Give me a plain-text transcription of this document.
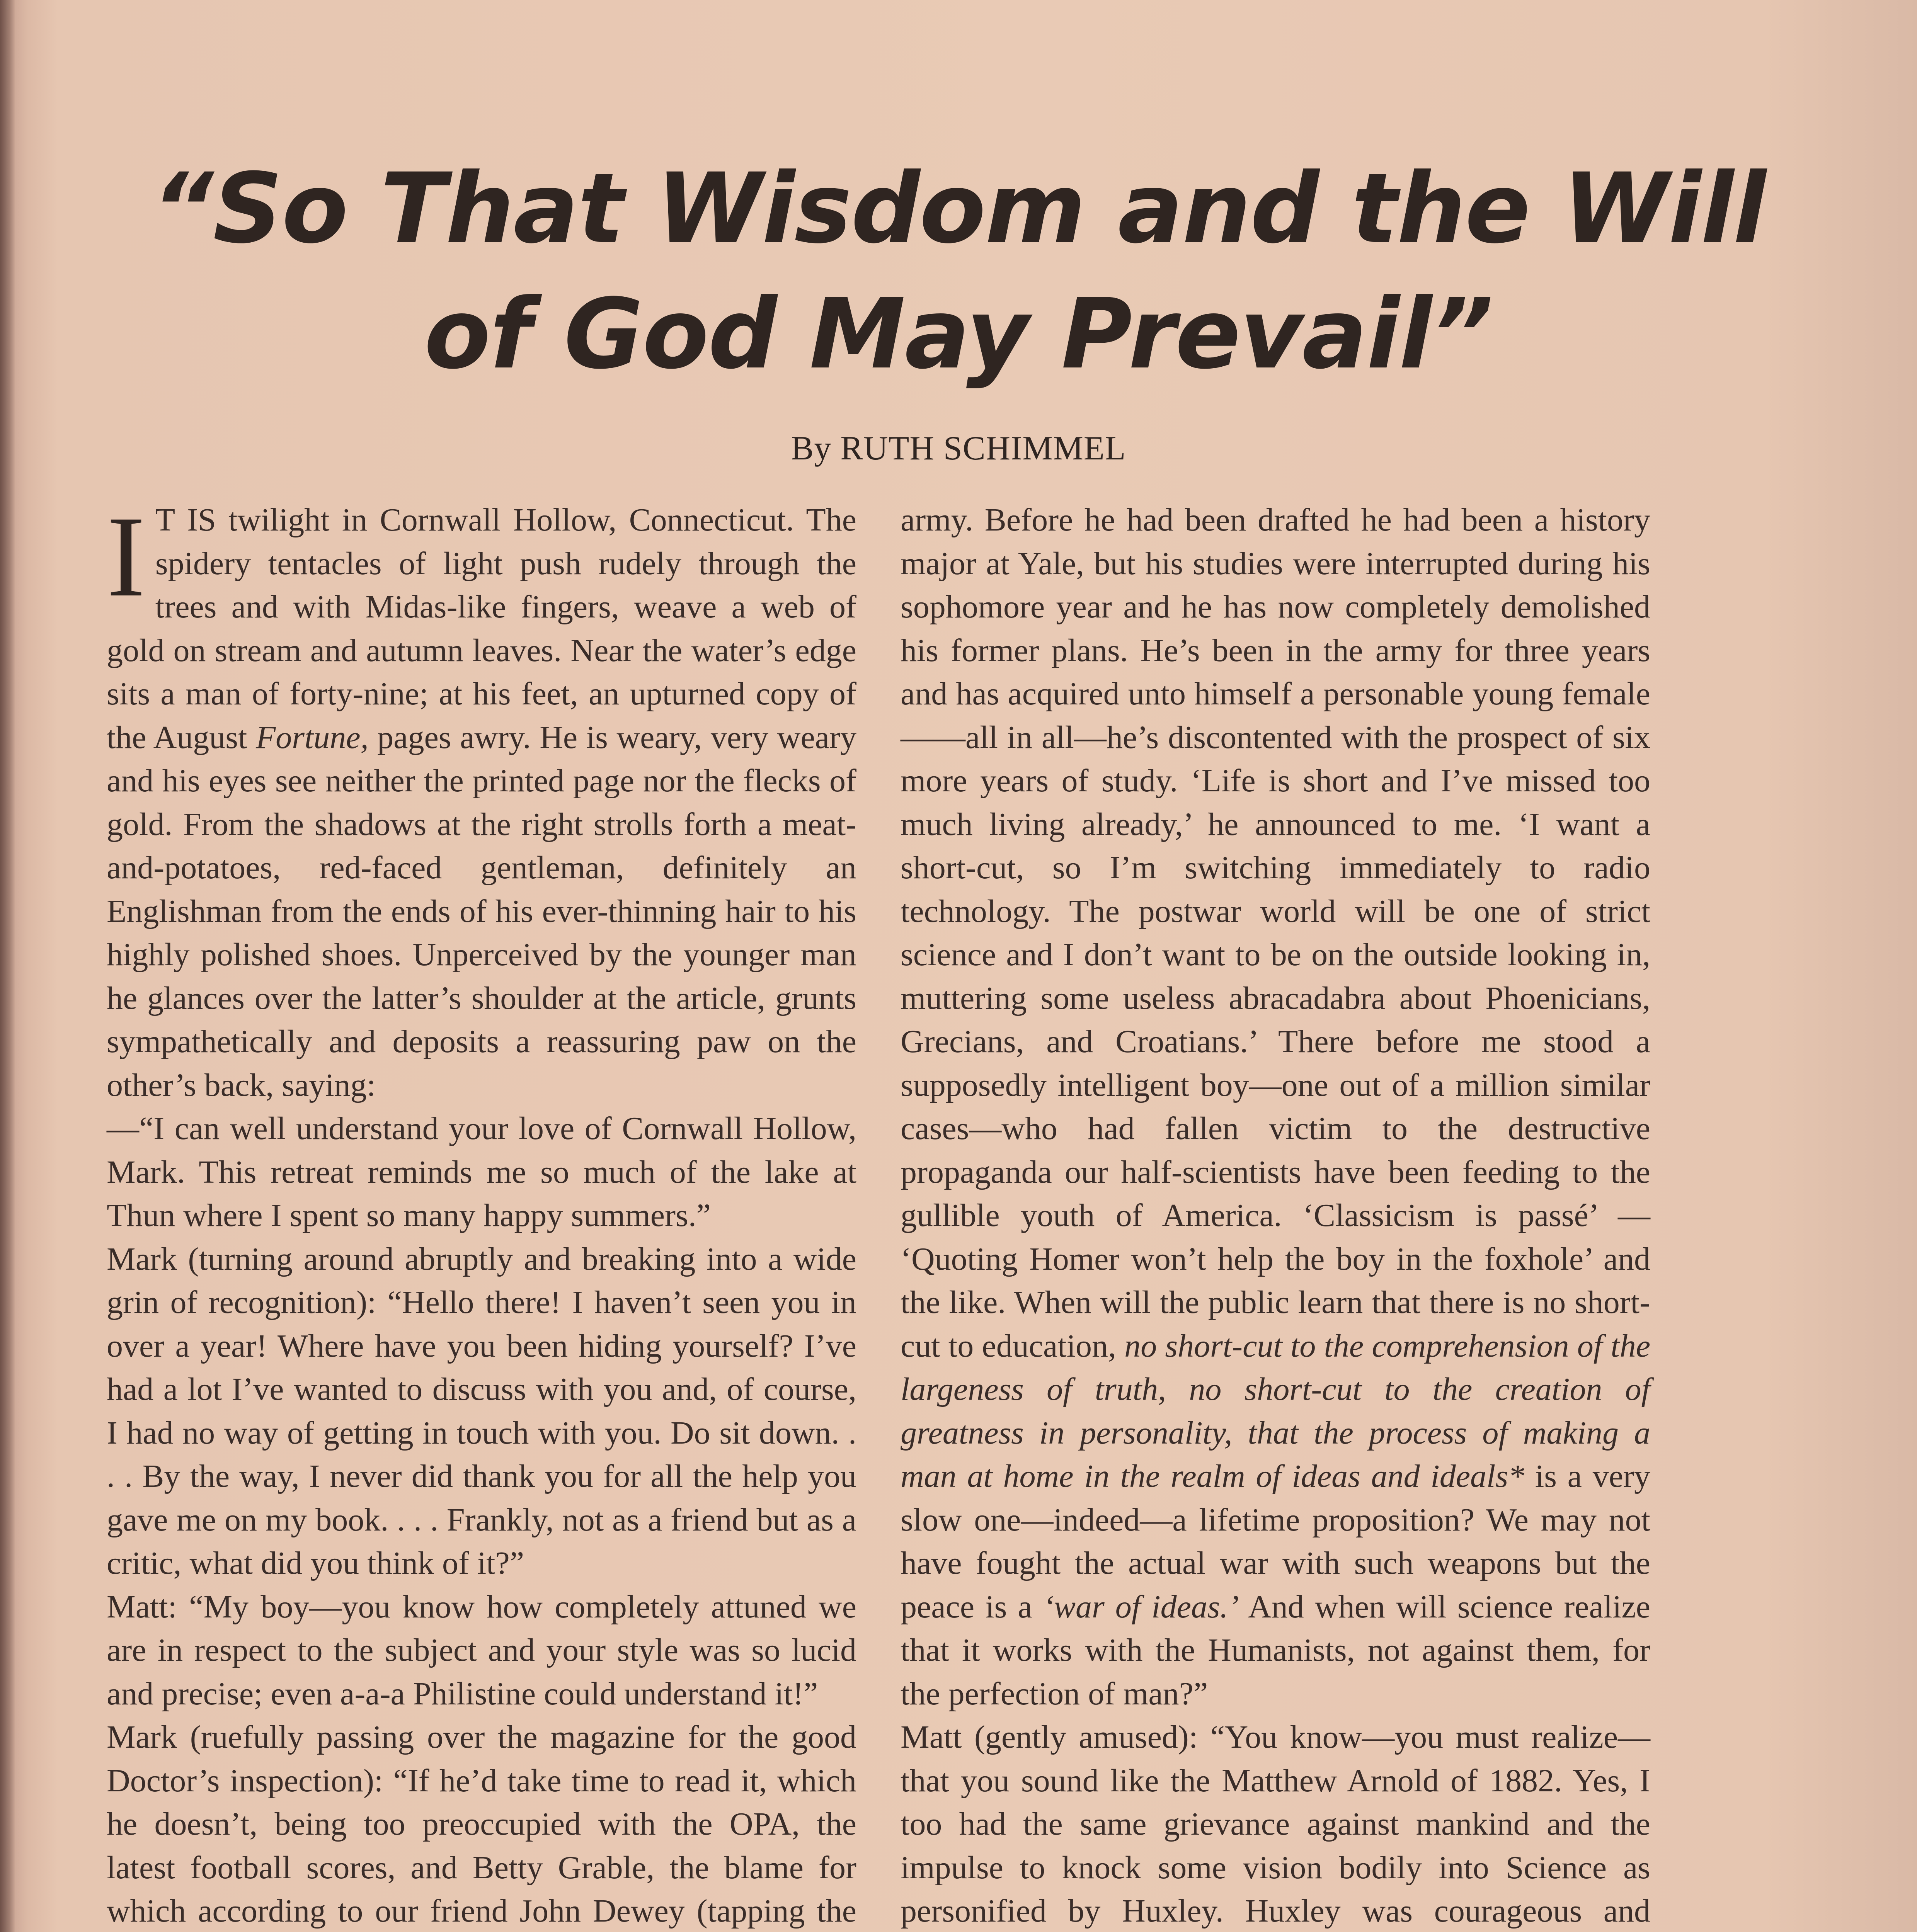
“So That Wisdom and the Will
of God May Prevail”
By RUTH SCHIMMEL

I T IS twilight in Cornwall Hollow, Connecticut. The spidery tentacles of light push rudely through the trees and with Midas-like fingers, weave a web of gold on stream and autumn leaves. Near the water’s edge sits a man of forty-nine; at his feet, an upturned copy of the August Fortune, pages awry. He is weary, very weary and his eyes see neither the printed page nor the flecks of gold. From the shadows at the right strolls forth a meat-and-potatoes, red-faced gentleman, definitely an Englishman from the ends of his ever-thinning hair to his highly polished shoes. Unperceived by the younger man he glances over the latter’s shoulder at the article, grunts sympathetically and deposits a reassuring paw on the other’s back, saying:

—“I can well understand your love of Cornwall Hollow, Mark. This retreat reminds me so much of the lake at Thun where I spent so many happy summers.”

Mark (turning around abruptly and breaking into a wide grin of recognition): “Hello there! I haven’t seen you in over a year! Where have you been hiding yourself? I’ve had a lot I’ve wanted to discuss with you and, of course, I had no way of getting in touch with you. Do sit down. . . . By the way, I never did thank you for all the help you gave me on my book. . . . Frankly, not as a friend but as a critic, what did you think of it?”

Matt: “My boy—you know how completely attuned we are in respect to the subject and your style was so lucid and precise; even a-a-a Philistine could understand it!”

Mark (ruefully passing over the magazine for the good Doctor’s inspection): “If he’d take time to read it, which he doesn’t, being too preoccupied with the OPA, the latest football scores, and Betty Grable, the blame for which according to our friend John Dewey (tapping the

army. Before he had been drafted he had been a history major at Yale, but his studies were interrupted during his sophomore year and he has now completely demolished his former plans. He’s been in the army for three years and has acquired unto himself a personable young female——all in all—he’s discontented with the prospect of six more years of study. ‘Life is short and I’ve missed too much living already,’ he announced to me. ‘I want a short-cut, so I’m switching immediately to radio technology. The postwar world will be one of strict science and I don’t want to be on the outside looking in, muttering some useless abracadabra about Phoenicians, Grecians, and Croatians.’ There before me stood a supposedly intelligent boy—one out of a million similar cases—who had fallen victim to the destructive propaganda our half-scientists have been feeding to the gullible youth of America. ‘Classicism is passé’ — ‘Quoting Homer won’t help the boy in the foxhole’ and the like. When will the public learn that there is no short-cut to education, no short-cut to the comprehension of the largeness of truth, no short-cut to the creation of greatness in personality, that the process of making a man at home in the realm of ideas and ideals* is a very slow one—indeed—a lifetime proposition? We may not have fought the actual war with such weapons but the peace is a ‘war of ideas.’ And when will science realize that it works with the Humanists, not against them, for the perfection of man?”

Matt (gently amused): “You know—you must realize—that you sound like the Matthew Arnold of 1882. Yes, I too had the same grievance against mankind and the impulse to knock some vision bodily into Science as personified by Huxley. Huxley was courageous and
